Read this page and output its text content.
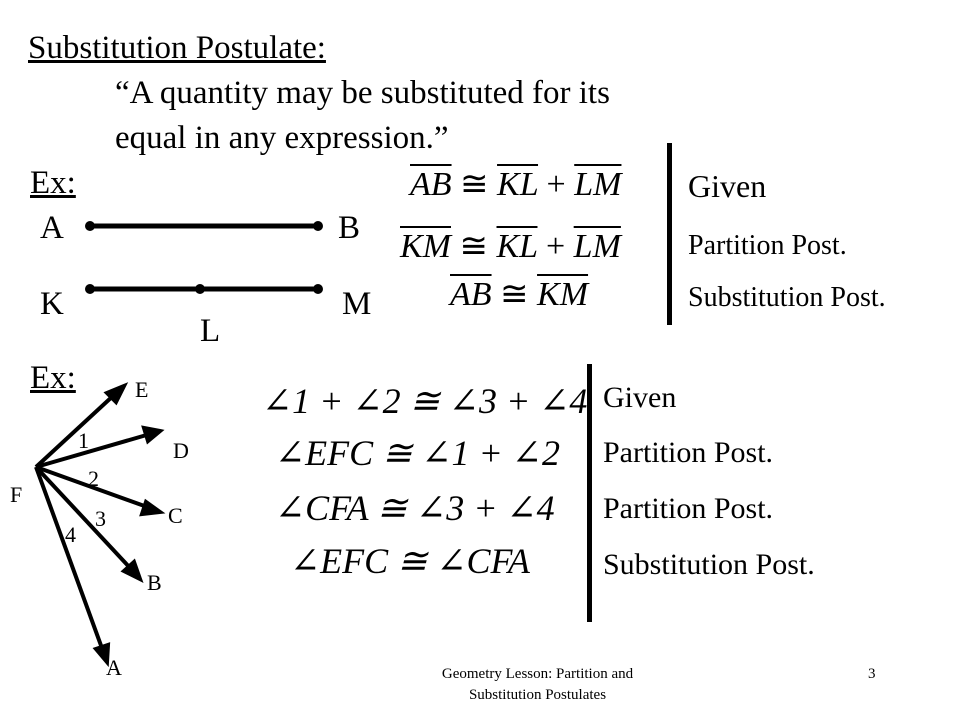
Substitution Postulate:
“A quantity may be substituted for its
equal in any expression.”
Ex:
A	B
K
L
M
$\overline{AB}$ ≅ $\overline{KL} + \overline{LM}$
$\overline{KM}$ ≅ $\overline{KL} + \overline{LM}$
$\overline{AB}$ ≅ $\overline{KM}$
Given
Partition Post.
Substitution Post.
Ex:	E
D
C
B
A
F
1
2
3
4
∠1 + ∠2 ≅ ∠3 + ∠4
∠EFC ≅ ∠1 + ∠2
∠CFA ≅ ∠3 + ∠4
∠EFC ≅ ∠CFA
Given
Partition Post.
Partition Post.
Substitution Post.
Geometry Lesson: Partition and
Substitution Postulates
3
